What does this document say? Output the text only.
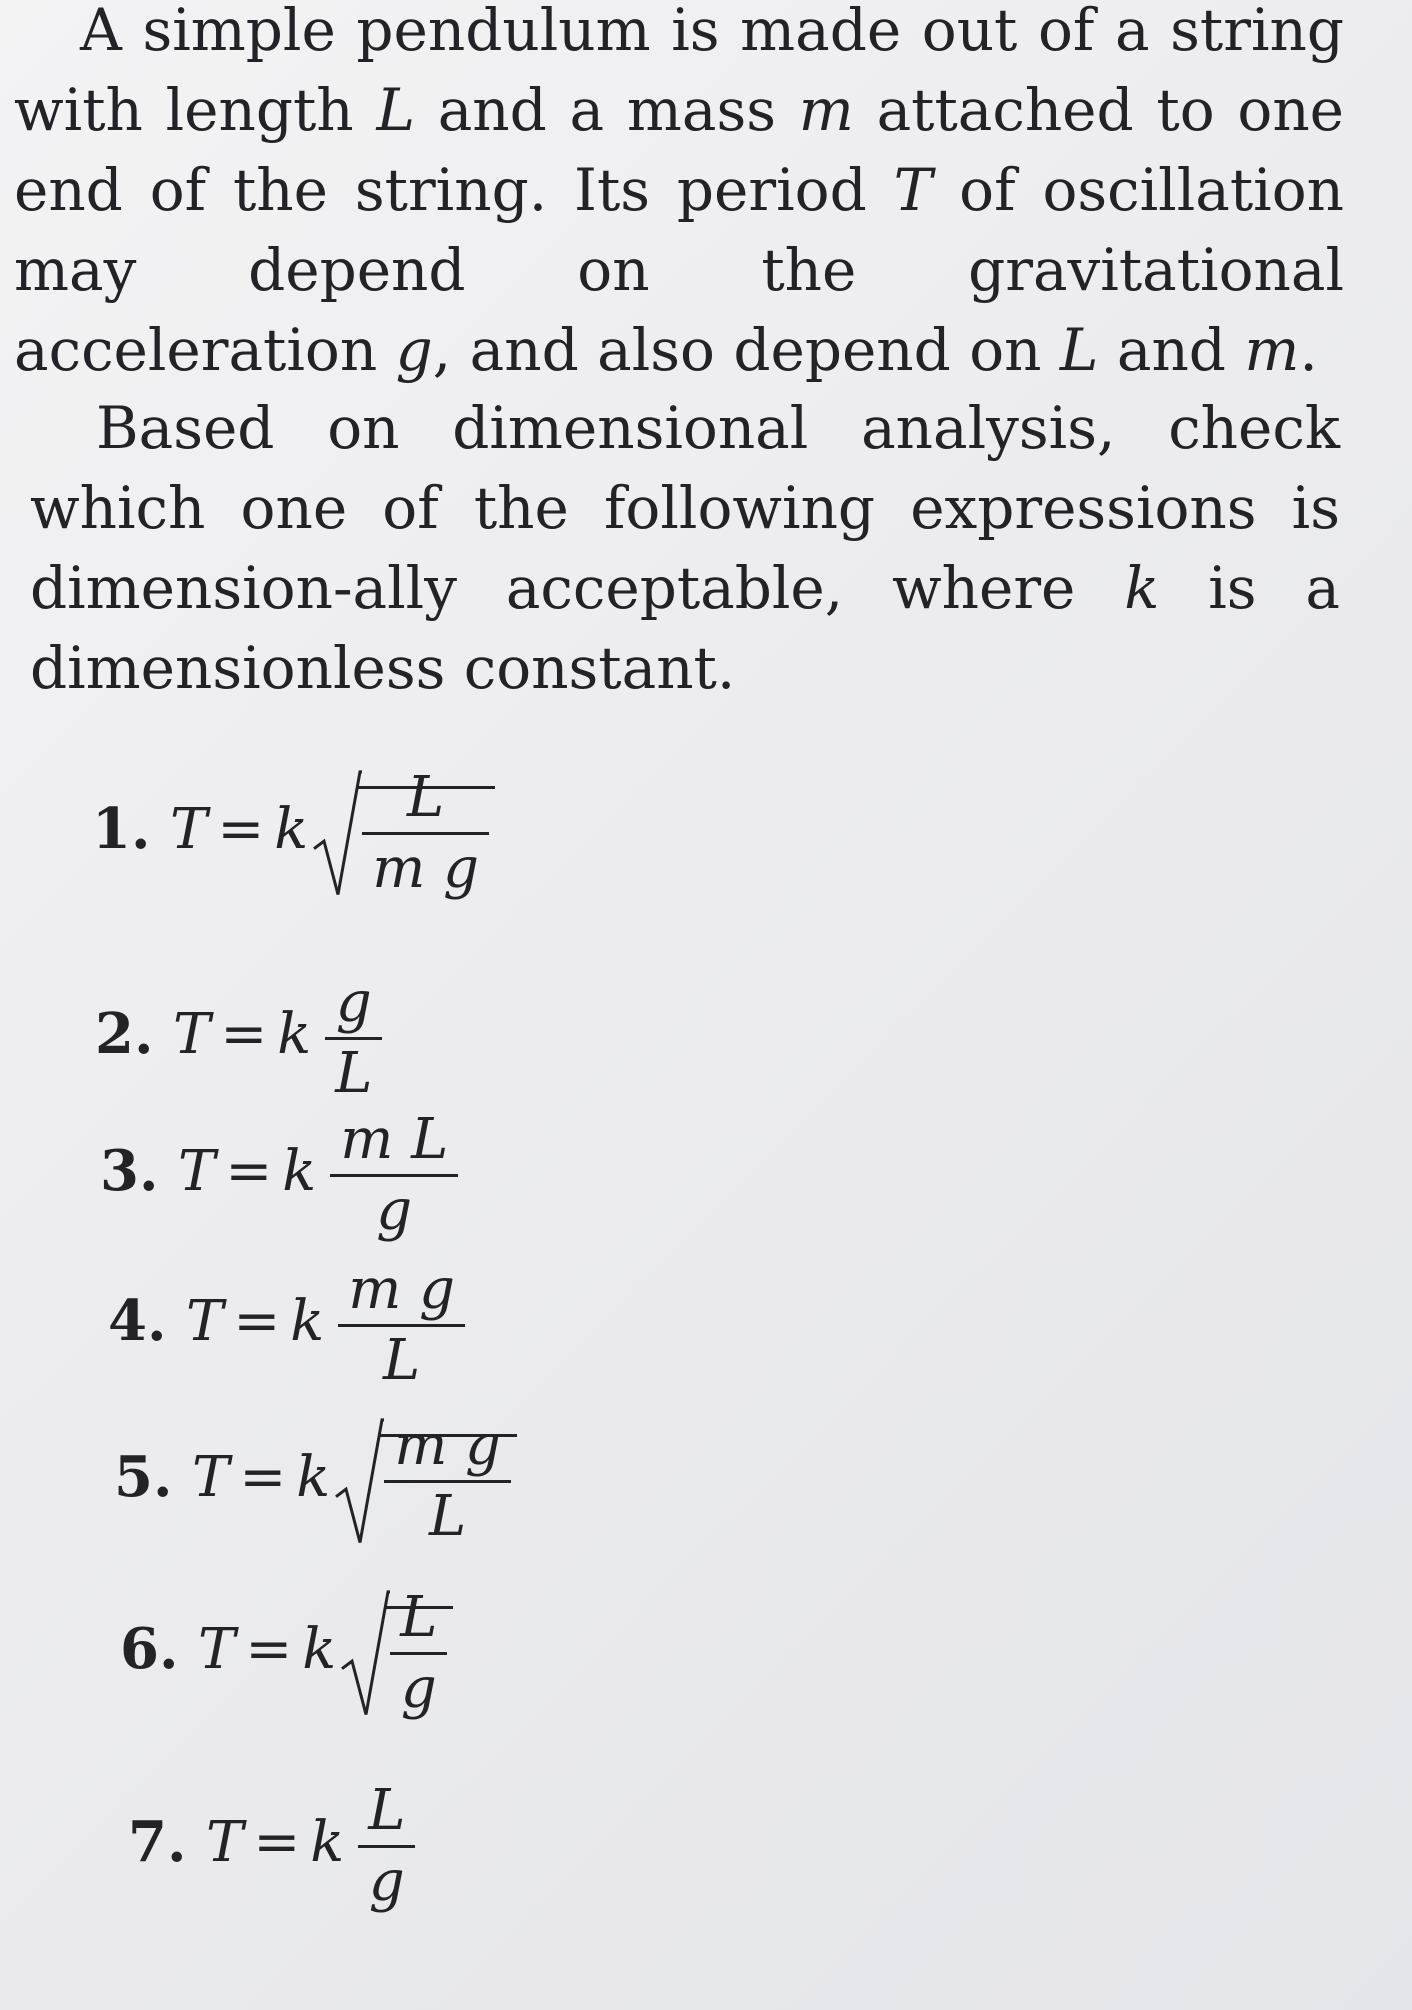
A simple pendulum is made out of a string with length L and a mass m attached to one end of the string. Its period T of oscillation may depend on the gravitational acceleration g, and also depend on L and m.
Based on dimensional analysis, check which one of the following expressions is dimension-ally acceptable, where k is a dimensionless constant.
1. T = k $\frac{L}{\text{m g}}$
2. T = k $\frac{g}{L}$
3. T = k $\frac{\text{m L}}{g}$
4. T = k $\frac{\text{m g}}{L}$
5. T = k $\frac{\text{m g}}{L}$
6. T = k $\frac{L}{g}$
7. T = k $\frac{L}{g}$
